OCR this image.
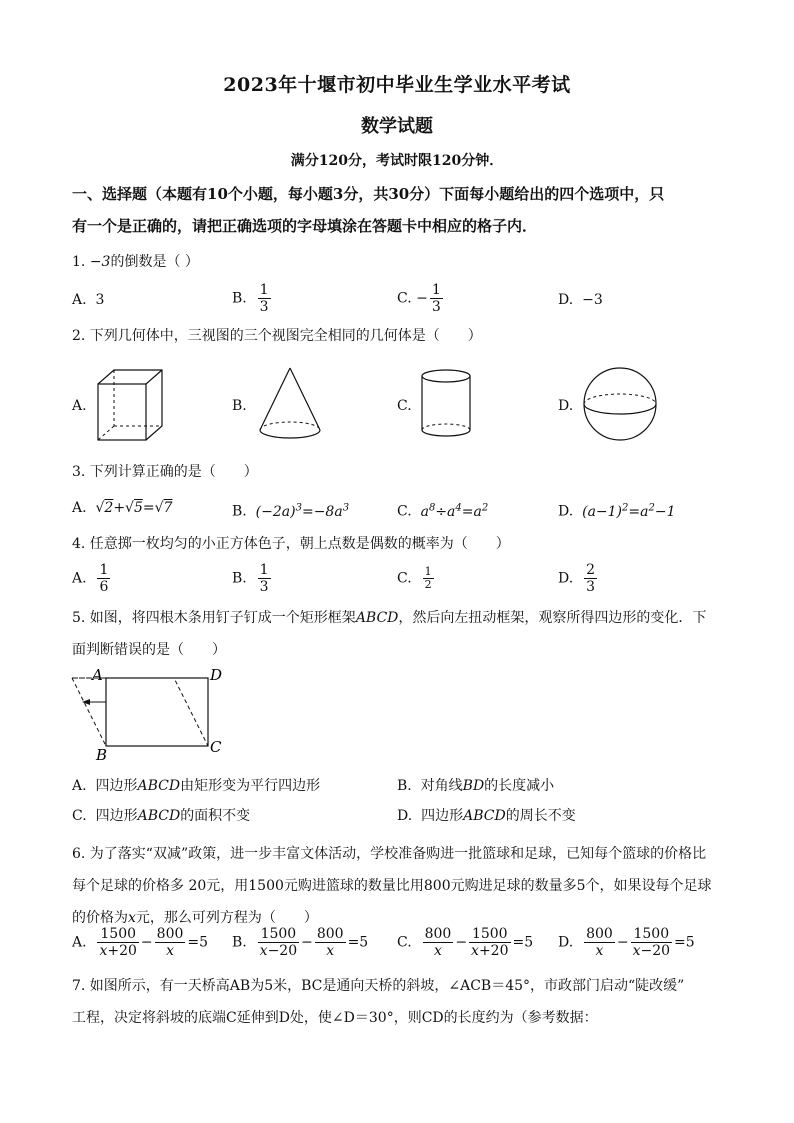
2023年十堰市初中毕业生学业水平考试
数学试题
满分120分，考试时限120分钟．
一、选择题（本题有10个小题，每小题3分，共30分）下面每小题给出的四个选项中，只
有一个是正确的，请把正确选项的字母填涂在答题卡中相应的格子内．
1. −3的倒数是（ ）
A. 3	B. $\frac{1}{3}$	C. − $\frac{1}{3}$	D. −3
2. 下列几何体中，三视图的三个视图完全相同的几何体是（　　）
A.	B.	C.	D.
3. 下列计算正确的是（　　）
A. √2+√5=√7	B. $(-2a)^3=-8a^3$	C. $a^8\div a^4=a^2$	D. $(a-1)^2=a^2-1$
4. 任意掷一枚均匀的小正方体色子，朝上点数是偶数的概率为（　　）
A. $\frac{1}{6}$	B. $\frac{1}{3}$	C. $\frac{1}{2}$	D. $\frac{2}{3}$
5. 如图，将四根木条用钉子钉成一个矩形框架ABCD，然后向左扭动框架，观察所得四边形的变化．下
面判断错误的是（　　）
A	D
B	C
A. 四边形ABCD由矩形变为平行四边形	B. 对角线BD的长度减小
C. 四边形ABCD的面积不变	D. 四边形ABCD的周长不变
6. 为了落实“双减”政策，进一步丰富文体活动，学校准备购进一批篮球和足球，已知每个篮球的价格比
每个足球的价格多 20元，用1500元购进篮球的数量比用800元购进足球的数量多5个，如果设每个足球
的价格为x元，那么可列方程为（　　）
A. $\frac{1500}{x+20} - \frac{800}{x} =5$ B. $\frac{1500}{x-20} - \frac{800}{x} =5$ C. $\frac{800}{x} - \frac{1500}{x+20} =5$ D. $\frac{800}{x} - \frac{1500}{x-20} =5$
7. 如图所示，有一天桥高AB为5米，BC是通向天桥的斜坡，∠ACB＝45°，市政部门启动“陡改缓”
工程，决定将斜坡的底端C延伸到D处，使∠D＝30°，则CD的长度约为（参考数据：
